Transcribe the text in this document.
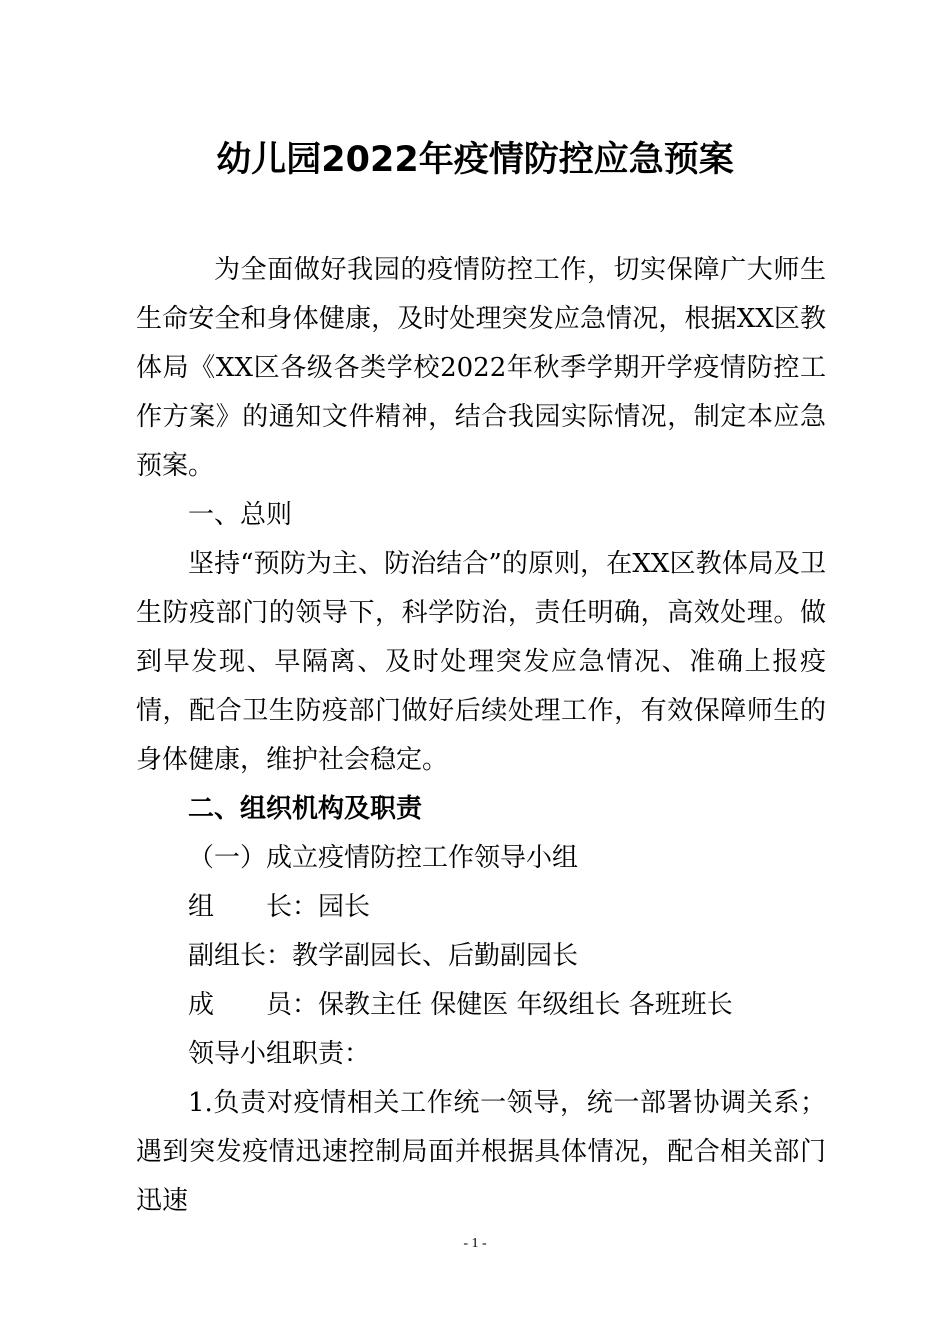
幼儿园2022年疫情防控应急预案

为全面做好我园的疫情防控工作，切实保障广大师生生命安全和身体健康，及时处理突发应急情况，根据XX区教体局《XX区各级各类学校2022年秋季学期开学疫情防控工作方案》的通知文件精神，结合我园实际情况，制定本应急预案。

一、总则

坚持“预防为主、防治结合”的原则，在XX区教体局及卫生防疫部门的领导下，科学防治，责任明确，高效处理。做到早发现、早隔离、及时处理突发应急情况、准确上报疫情，配合卫生防疫部门做好后续处理工作，有效保障师生的身体健康，维护社会稳定。

二、组织机构及职责

（一）成立疫情防控工作领导小组

组　　长：园长

副组长：教学副园长、后勤副园长

成　　员：保教主任 保健医 年级组长 各班班长

领导小组职责：

1.负责对疫情相关工作统一领导，统一部署协调关系；遇到突发疫情迅速控制局面并根据具体情况，配合相关部门迅速

- 1 -
